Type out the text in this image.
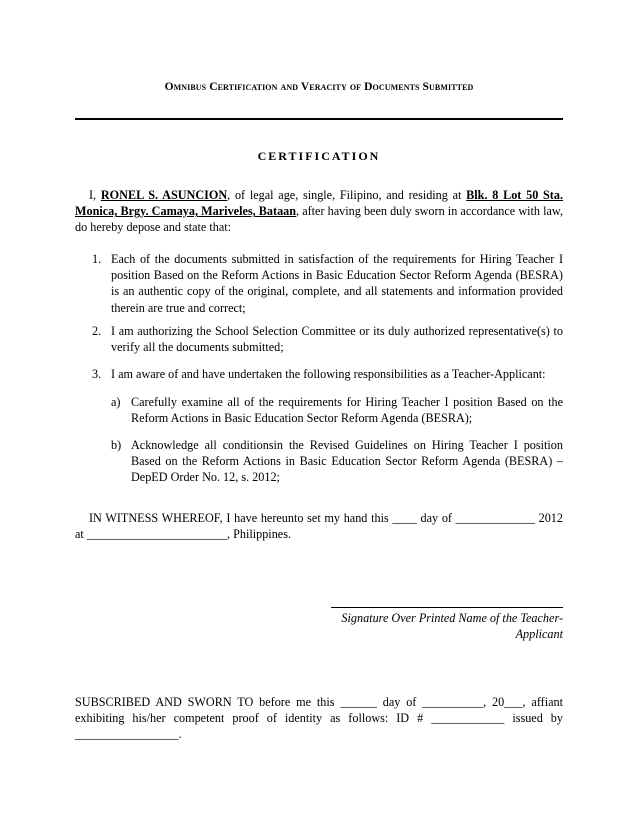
Omnibus Certification and Veracity of Documents Submitted
CERTIFICATION
I, RONEL S. ASUNCION, of legal age, single, Filipino, and residing at Blk. 8 Lot 50 Sta. Monica, Brgy. Camaya, Mariveles, Bataan, after having been duly sworn in accordance with law, do hereby depose and state that:
1. Each of the documents submitted in satisfaction of the requirements for Hiring Teacher I position Based on the Reform Actions in Basic Education Sector Reform Agenda (BESRA) is an authentic copy of the original, complete, and all statements and information provided therein are true and correct;
2. I am authorizing the School Selection Committee or its duly authorized representative(s) to verify all the documents submitted;
3. I am aware of and have undertaken the following responsibilities as a Teacher-Applicant:
a) Carefully examine all of the requirements for Hiring Teacher I position Based on the Reform Actions in Basic Education Sector Reform Agenda (BESRA);
b) Acknowledge all conditionsin the Revised Guidelines on Hiring Teacher I position Based on the Reform Actions in Basic Education Sector Reform Agenda (BESRA) – DepED Order No. 12, s. 2012;
IN WITNESS WHEREOF, I have hereunto set my hand this ____ day of _____________ 2012 at _______________________, Philippines.
Signature Over Printed Name of the Teacher-Applicant
SUBSCRIBED AND SWORN TO before me this ______ day of __________, 20___, affiant exhibiting his/her competent proof of identity as follows: ID # ____________ issued by _________________.
